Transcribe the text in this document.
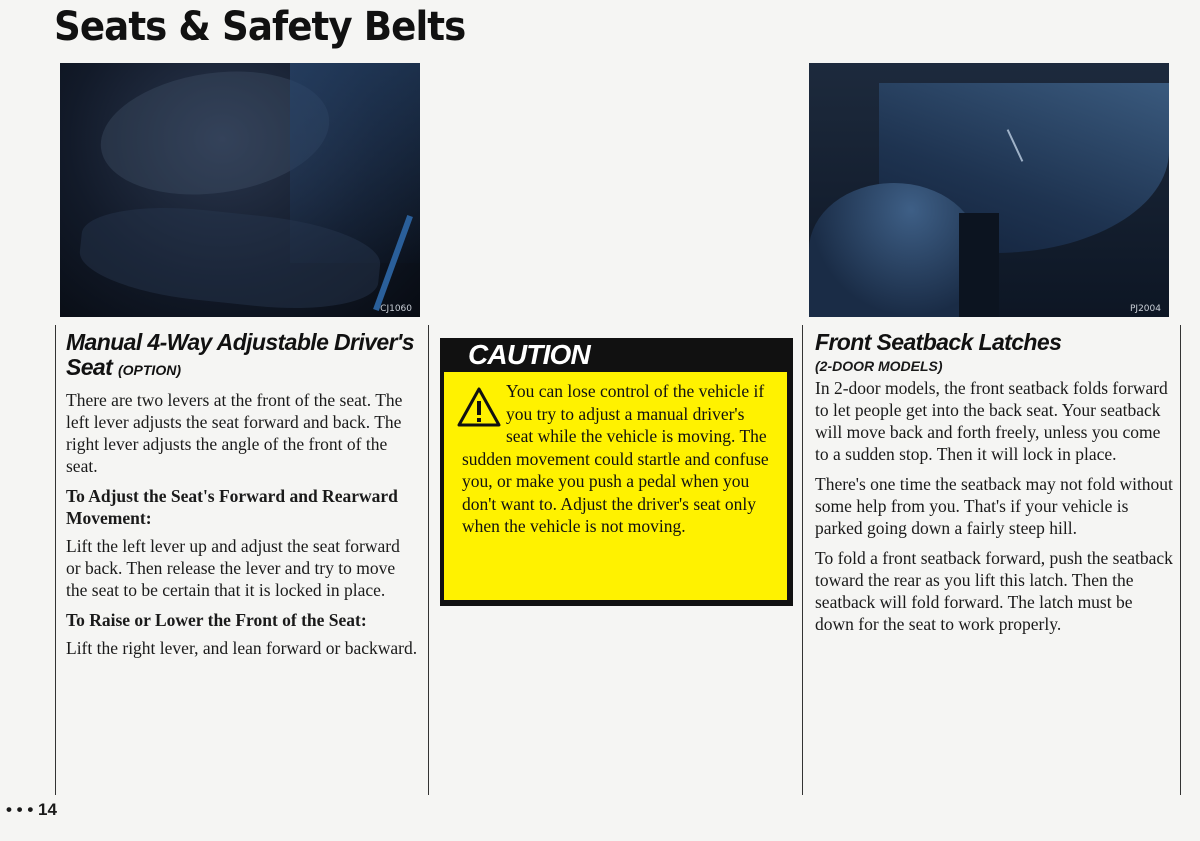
Seats & Safety Belts
CJ1060	PJ2004
Manual 4-Way Adjustable Driver's Seat (OPTION)

There are two levers at the front of the seat. The left lever adjusts the seat forward and back. The right lever adjusts the angle of the front of the seat.

To Adjust the Seat's Forward and Rearward Movement:

Lift the left lever up and adjust the seat forward or back. Then release the lever and try to move the seat to be certain that it is locked in place.

To Raise or Lower the Front of the Seat:

Lift the right lever, and lean forward or backward.

CAUTION
You can lose control of the vehicle if you try to adjust a manual driver's seat while the vehicle is moving. The sudden movement could startle and confuse you, or make you push a pedal when you don't want to. Adjust the driver's seat only when the vehicle is not moving.
Front Seatback Latches
(2-DOOR MODELS)

In 2-door models, the front seatback folds forward to let people get into the back seat. Your seatback will move back and forth freely, unless you come to a sudden stop. Then it will lock in place.

There's one time the seatback may not fold without some help from you. That's if your vehicle is parked going down a fairly steep hill.

To fold a front seatback forward, push the seatback toward the rear as you lift this latch. Then the seatback will fold forward. The latch must be down for the seat to work properly.

• • • 14
